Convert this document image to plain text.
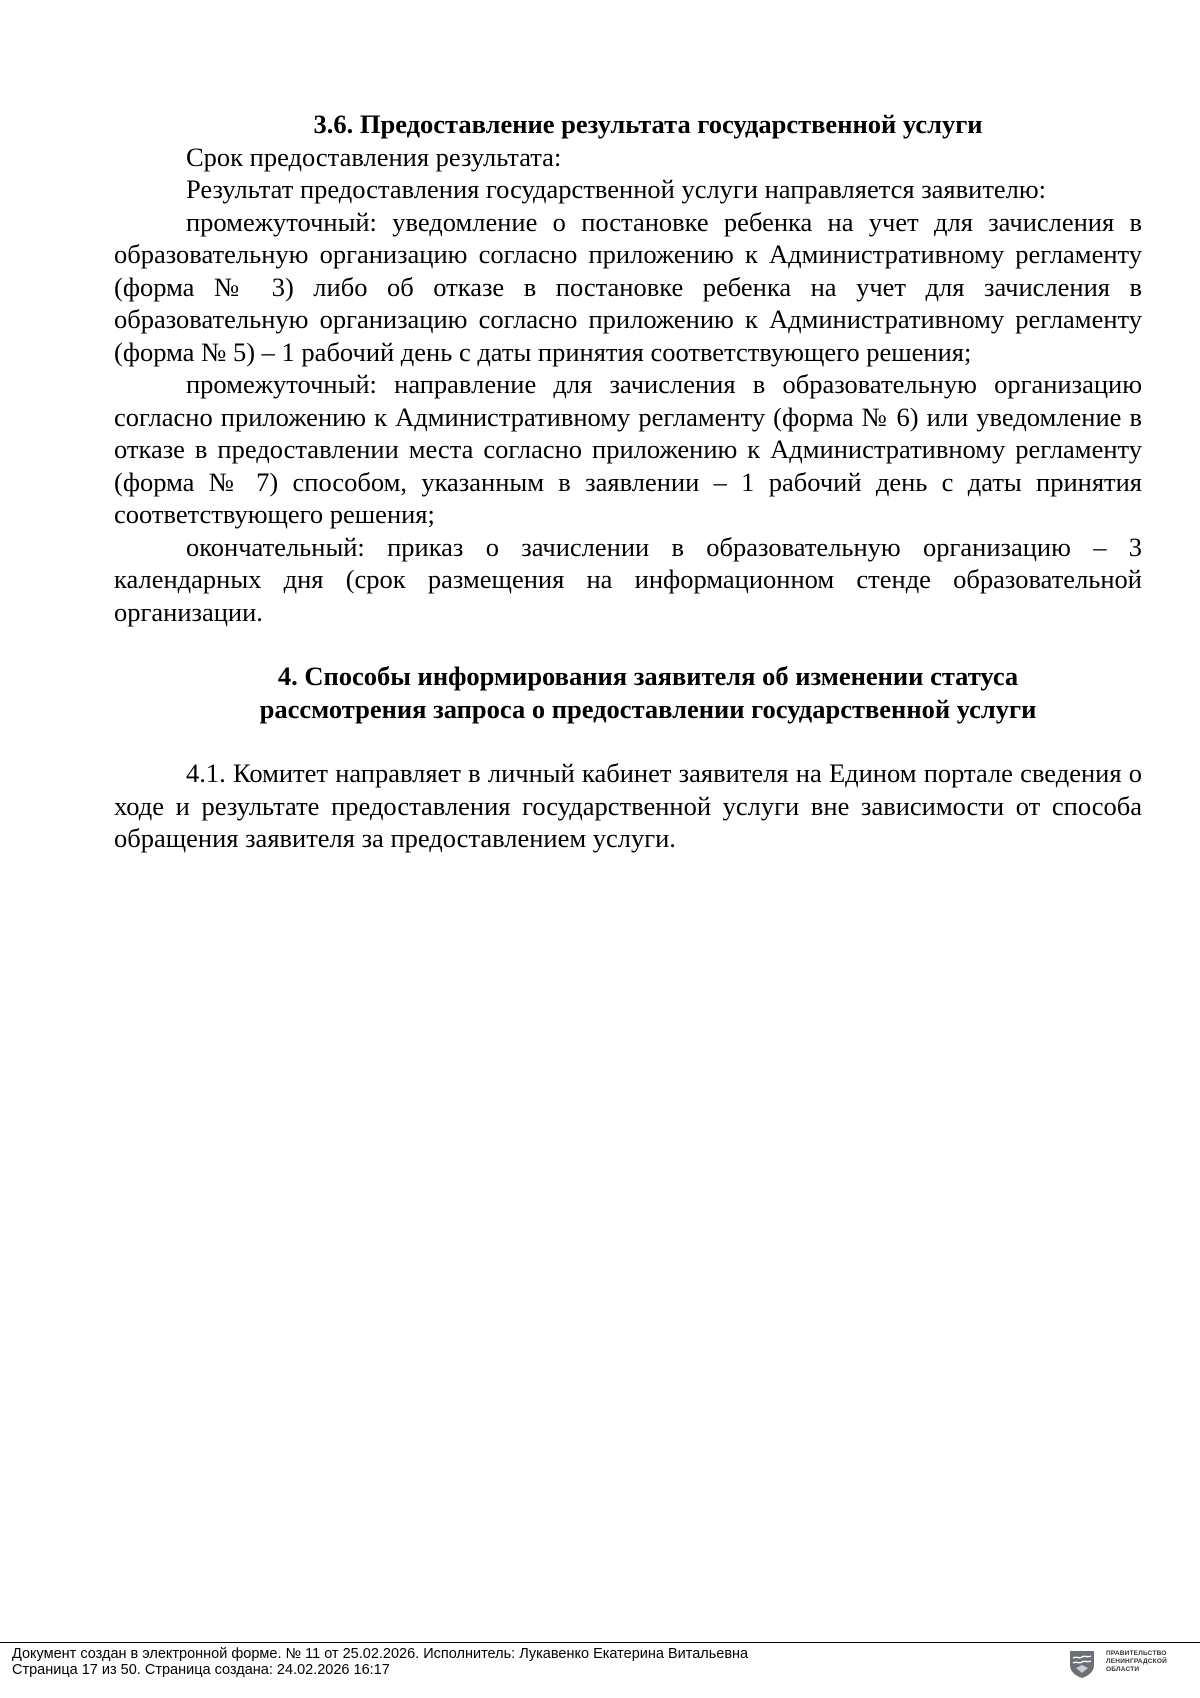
3.6. Предоставление результата государственной услуги

Срок предоставления результата:

Результат предоставления государственной услуги направляется заявителю:

промежуточный: уведомление о постановке ребенка на учет для зачисления в образовательную организацию согласно приложению к Административному регламенту (форма № 3) либо об отказе в постановке ребенка на учет для зачисления в образовательную организацию согласно приложению к Административному регламенту (форма № 5) – 1 рабочий день с даты принятия соответствующего решения;

промежуточный: направление для зачисления в образовательную организацию согласно приложению к Административному регламенту (форма № 6) или уведомление в отказе в предоставлении места согласно приложению к Административному регламенту (форма № 7) способом, указанным в заявлении – 1 рабочий день с даты принятия соответствующего решения;

окончательный: приказ о зачислении в образовательную организацию – 3 календарных дня (срок размещения на информационном стенде образовательной организации.

4. Способы информирования заявителя об изменении статуса

рассмотрения запроса о предоставлении государственной услуги

4.1. Комитет направляет в личный кабинет заявителя на Едином портале сведения о ходе и результате предоставления государственной услуги вне зависимости от способа обращения заявителя за предоставлением услуги.

Документ создан в электронной форме. № 11 от 25.02.2026. Исполнитель: Лукавенко Екатерина Витальевна
Страница 17 из 50. Страница создана: 24.02.2026 16:17
ПРАВИТЕЛЬСТВО
ЛЕНИНГРАДСКОЙ
ОБЛАСТИ
